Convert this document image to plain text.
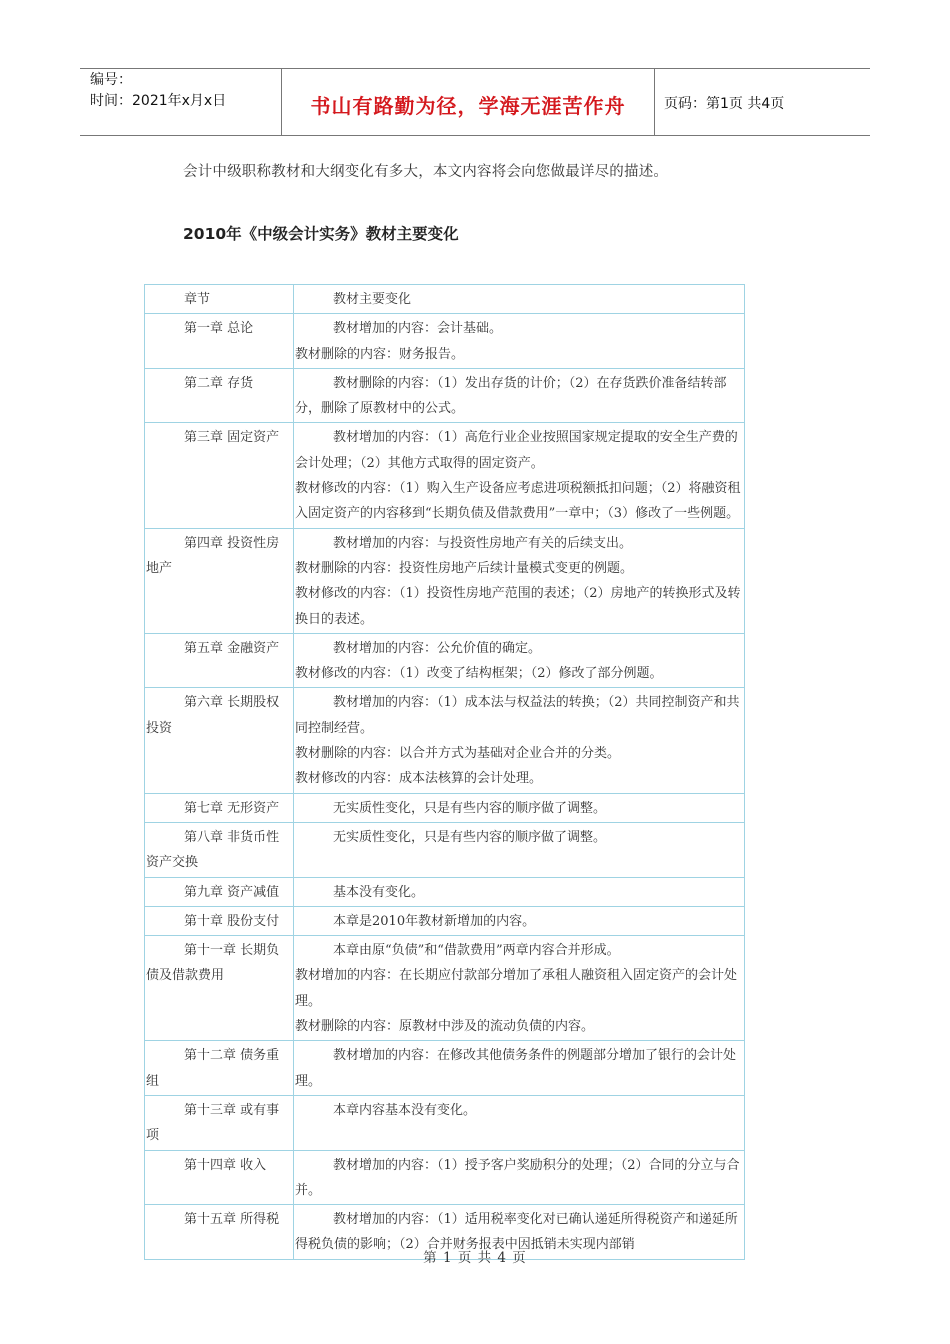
编号：
时间：2021年x月x日	书山有路勤为径，学海无涯苦作舟	页码：第1页 共4页
会计中级职称教材和大纲变化有多大，本文内容将会向您做最详尽的描述。
2010年《中级会计实务》教材主要变化
章节	教材主要变化
第一章 总论	教材增加的内容：会计基础。
教材删除的内容：财务报告。

第二章 存货	教材删除的内容：（1）发出存货的计价；（2）在存货跌价准备结转部分，删除了原教材中的公式。

第三章 固定资产	教材增加的内容：（1）高危行业企业按照国家规定提取的安全生产费的会计处理；（2）其他方式取得的固定资产。
教材修改的内容：（1）购入生产设备应考虑进项税额抵扣问题；（2）将融资租入固定资产的内容移到“长期负债及借款费用”一章中；（3）修改了一些例题。

第四章 投资性房地产	教材增加的内容：与投资性房地产有关的后续支出。
教材删除的内容：投资性房地产后续计量模式变更的例题。
教材修改的内容：（1）投资性房地产范围的表述；（2）房地产的转换形式及转换日的表述。

第五章 金融资产	教材增加的内容：公允价值的确定。
教材修改的内容：（1）改变了结构框架；（2）修改了部分例题。

第六章 长期股权投资	教材增加的内容：（1）成本法与权益法的转换；（2）共同控制资产和共同控制经营。
教材删除的内容：以合并方式为基础对企业合并的分类。
教材修改的内容：成本法核算的会计处理。

第七章 无形资产	无实质性变化，只是有些内容的顺序做了调整。

第八章 非货币性资产交换	无实质性变化，只是有些内容的顺序做了调整。

第九章 资产减值	基本没有变化。

第十章 股份支付	本章是2010年教材新增加的内容。

第十一章 长期负债及借款费用	本章由原“负债”和“借款费用”两章内容合并形成。
教材增加的内容：在长期应付款部分增加了承租人融资租入固定资产的会计处理。
教材删除的内容：原教材中涉及的流动负债的内容。

第十二章 债务重组	教材增加的内容：在修改其他债务条件的例题部分增加了银行的会计处理。

第十三章 或有事项	本章内容基本没有变化。

第十四章 收入	教材增加的内容：（1）授予客户奖励积分的处理；（2）合同的分立与合并。

第十五章 所得税	教材增加的内容：（1）适用税率变化对已确认递延所得税资产和递延所得税负债的影响；（2）合并财务报表中因抵销未实现内部销
第 1 页 共 4 页
